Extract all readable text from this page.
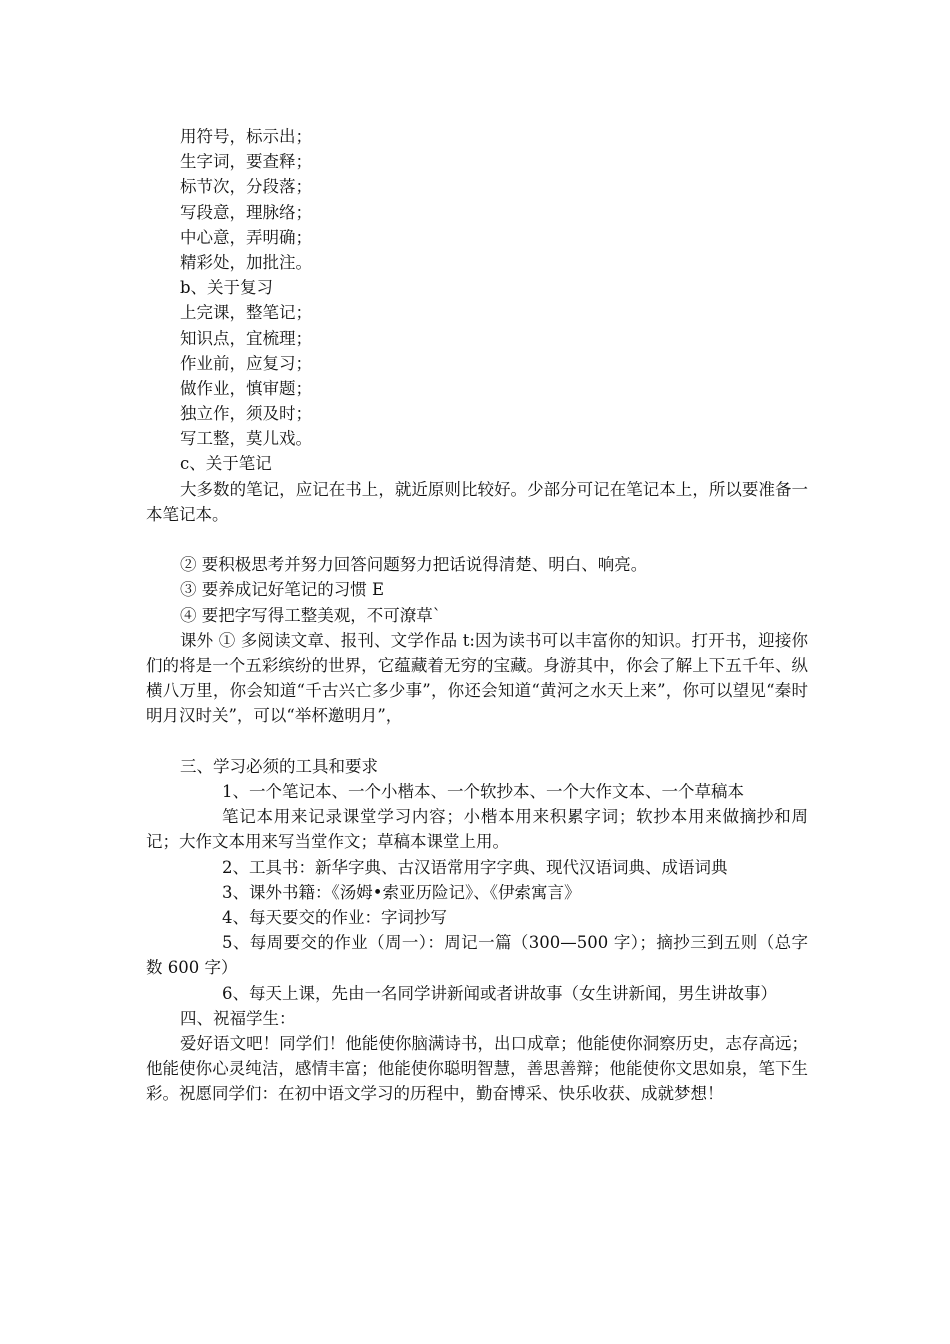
用符号，标示出；
生字词，要查释；
标节次，分段落；
写段意，理脉络；
中心意，弄明确；
精彩处，加批注。
b、关于复习
上完课，整笔记；
知识点，宜梳理；
作业前，应复习；
做作业，慎审题；
独立作，须及时；
写工整，莫儿戏。
c、关于笔记
大多数的笔记，应记在书上，就近原则比较好。少部分可记在笔记本上，所以要准备一本笔记本。
② 要积极思考并努力回答问题努力把话说得清楚、明白、响亮。
③ 要养成记好笔记的习惯 E
④ 要把字写得工整美观，不可潦草`
课外 ① 多阅读文章、报刊、文学作品 t:因为读书可以丰富你的知识。打开书，迎接你们的将是一个五彩缤纷的世界，它蕴藏着无穷的宝藏。身游其中，你会了解上下五千年、纵横八万里，你会知道“千古兴亡多少事”，你还会知道“黄河之水天上来”，你可以望见“秦时明月汉时关”，可以“举杯邀明月”，
三、学习必须的工具和要求
1、一个笔记本、一个小楷本、一个软抄本、一个大作文本、一个草稿本
笔记本用来记录课堂学习内容；小楷本用来积累字词；软抄本用来做摘抄和周记；大作文本用来写当堂作文；草稿本课堂上用。
2、工具书：新华字典、古汉语常用字字典、现代汉语词典、成语词典
3、课外书籍：《汤姆•索亚历险记》、《伊索寓言》
4、每天要交的作业：字词抄写
5、每周要交的作业（周一）：周记一篇（300—500 字）；摘抄三到五则（总字数 600 字）
6、每天上课，先由一名同学讲新闻或者讲故事（女生讲新闻，男生讲故事）
四、祝福学生：
爱好语文吧！同学们！他能使你脑满诗书，出口成章；他能使你洞察历史，志存高远；他能使你心灵纯洁，感情丰富；他能使你聪明智慧，善思善辩；他能使你文思如泉，笔下生彩。祝愿同学们：在初中语文学习的历程中，勤奋博采、快乐收获、成就梦想！
